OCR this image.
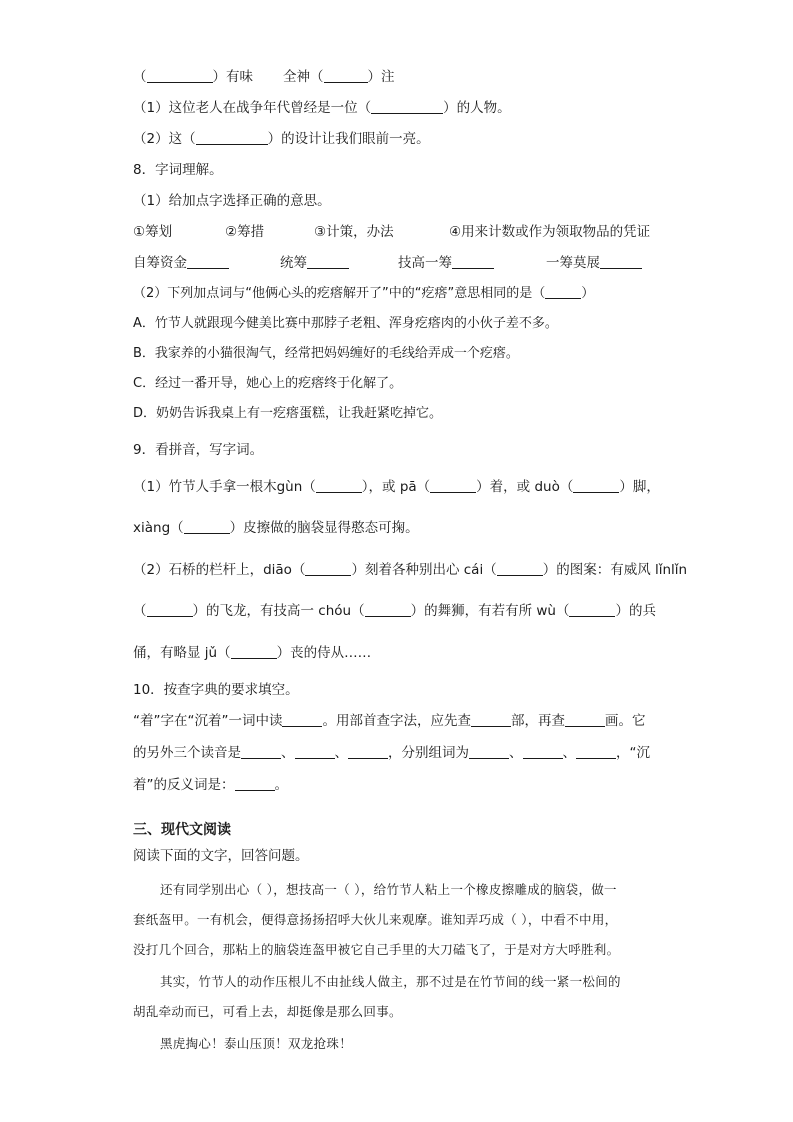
（	）有味 全神（	）注
（1）这位老人在战争年代曾经是一位（	）的人物。
（2）这（	）的设计让我们眼前一亮。
8．字词理解。
（1）给加点字选择正确的意思。
①筹划	②筹措	③计策，办法	④用来计数或作为领取物品的凭证
自筹资金	统筹	技高一筹	一筹莫展
（2）下列加点词与“他俩心头的疙瘩解开了”中的“疙瘩”意思相同的是（	）
A．竹节人就跟现今健美比赛中那脖子老粗、浑身疙瘩肉的小伙子差不多。
B．我家养的小猫很淘气，经常把妈妈缠好的毛线给弄成一个疙瘩。
C．经过一番开导，她心上的疙瘩终于化解了。
D．奶奶告诉我桌上有一疙瘩蛋糕，让我赶紧吃掉它。
9．看拼音，写字词。
（1）竹节人手拿一根木gùn（	），或 pā（	）着，或 duò（	）脚，
xiàng（	）皮擦做的脑袋显得憨态可掬。
（2）石桥的栏杆上，diāo（	）刻着各种别出心 cái（	）的图案：有威风 lǐnlǐn
（	）的飞龙，有技高一 chóu（	）的舞狮，有若有所 wù（	）的兵
俑，有略显 jǔ（	）丧的侍从……
10．按查字典的要求填空。
“着”字在“沉着”一词中读	。用部首查字法，应先查	部，再查	画。它
的另外三个读音是	、	、	，分别组词为	、	、	，“沉
着”的反义词是：	。
三、现代文阅读
阅读下面的文字，回答问题。
还有同学别出心（ ），想技高一（ ），给竹节人粘上一个橡皮擦雕成的脑袋，做一
套纸盔甲。一有机会，便得意扬扬招呼大伙儿来观摩。谁知弄巧成（ ），中看不中用，
没打几个回合，那粘上的脑袋连盔甲被它自己手里的大刀磕飞了，于是对方大呼胜利。
其实，竹节人的动作压根儿不由扯线人做主，那不过是在竹节间的线一紧一松间的
胡乱牵动而已，可看上去，却挺像是那么回事。
黑虎掏心！泰山压顶！双龙抢珠！
